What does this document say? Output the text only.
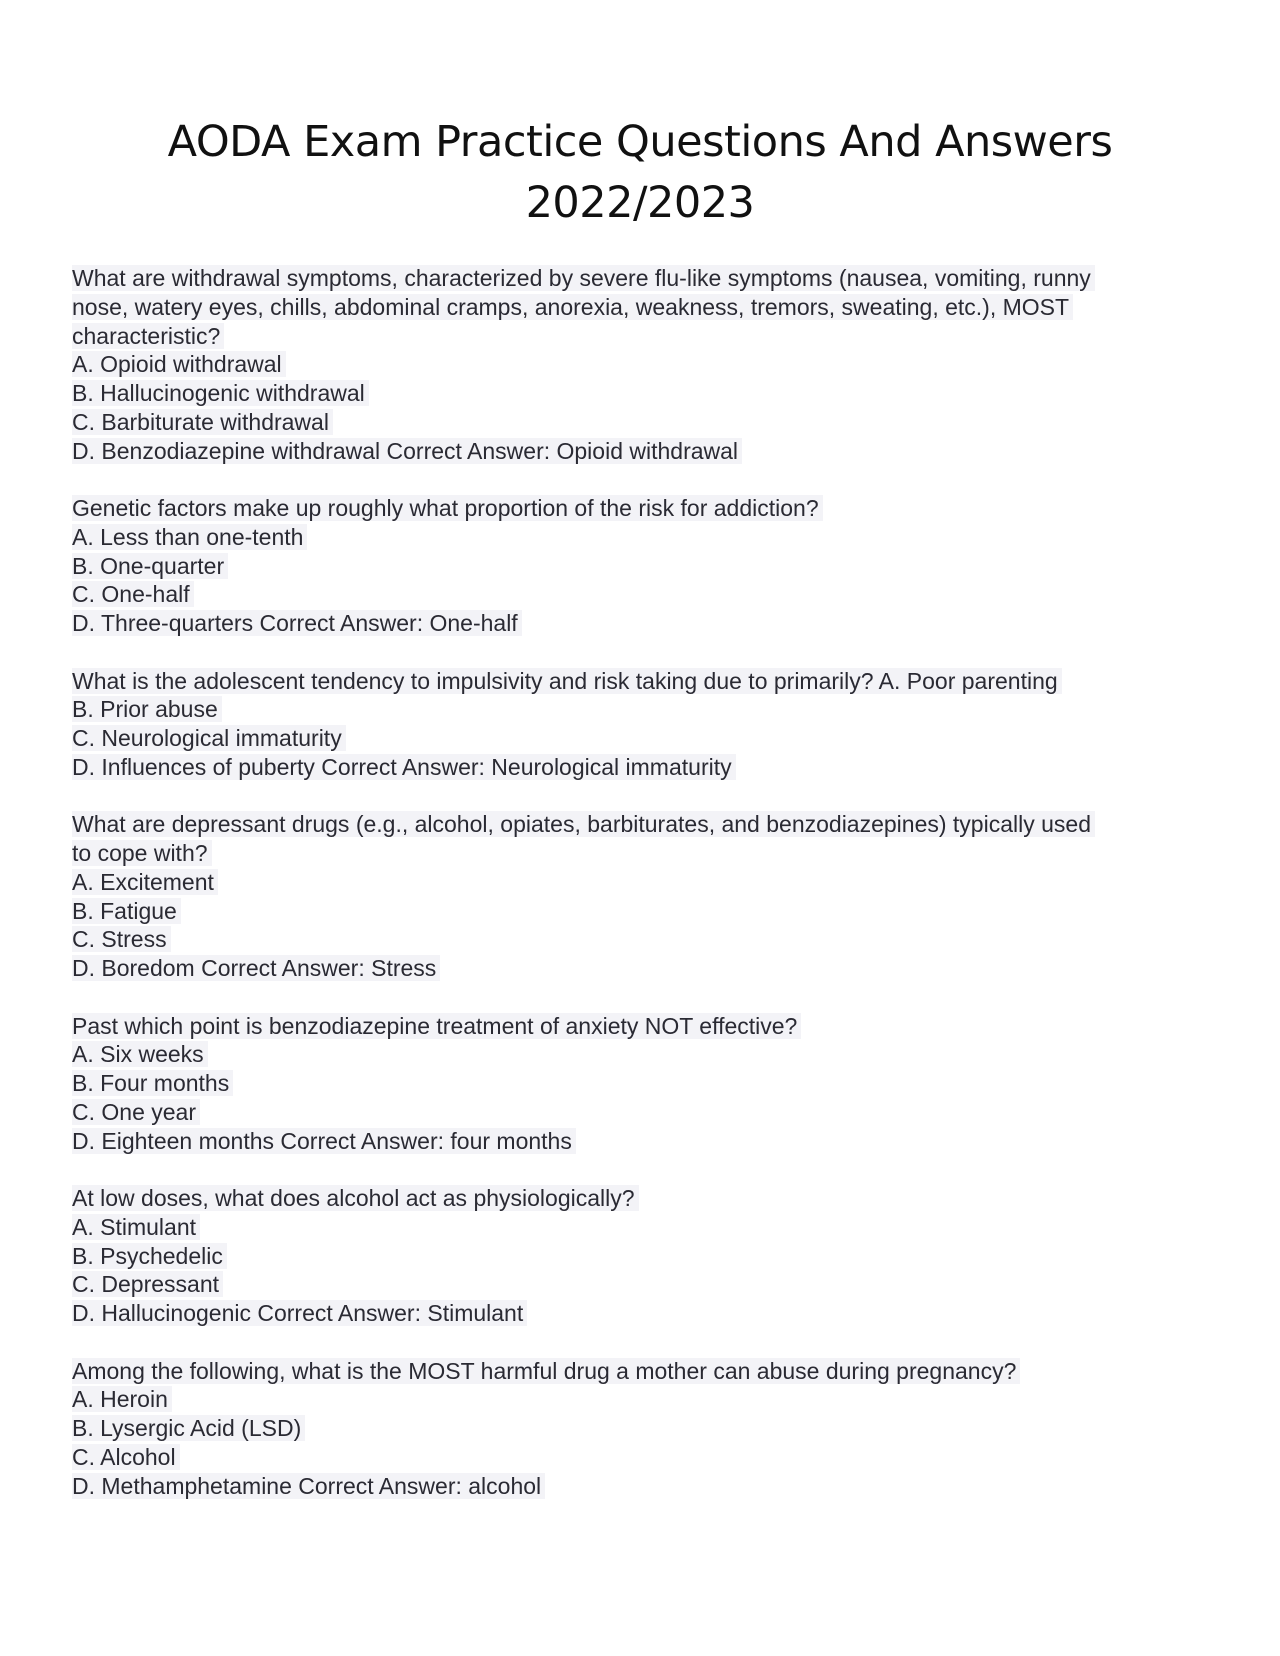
AODA Exam Practice Questions And Answers
2022/2023
What are withdrawal symptoms, characterized by severe flu-like symptoms (nausea, vomiting, runny
nose, watery eyes, chills, abdominal cramps, anorexia, weakness, tremors, sweating, etc.), MOST
characteristic?
A. Opioid withdrawal
B. Hallucinogenic withdrawal
C. Barbiturate withdrawal
D. Benzodiazepine withdrawal Correct Answer: Opioid withdrawal
Genetic factors make up roughly what proportion of the risk for addiction?
A. Less than one-tenth
B. One-quarter
C. One-half
D. Three-quarters Correct Answer: One-half
What is the adolescent tendency to impulsivity and risk taking due to primarily? A. Poor parenting
B. Prior abuse
C. Neurological immaturity
D. Influences of puberty Correct Answer: Neurological immaturity
What are depressant drugs (e.g., alcohol, opiates, barbiturates, and benzodiazepines) typically used
to cope with?
A. Excitement
B. Fatigue
C. Stress
D. Boredom Correct Answer: Stress
Past which point is benzodiazepine treatment of anxiety NOT effective?
A. Six weeks
B. Four months
C. One year
D. Eighteen months Correct Answer: four months
At low doses, what does alcohol act as physiologically?
A. Stimulant
B. Psychedelic
C. Depressant
D. Hallucinogenic Correct Answer: Stimulant
Among the following, what is the MOST harmful drug a mother can abuse during pregnancy?
A. Heroin
B. Lysergic Acid (LSD)
C. Alcohol
D. Methamphetamine Correct Answer: alcohol
